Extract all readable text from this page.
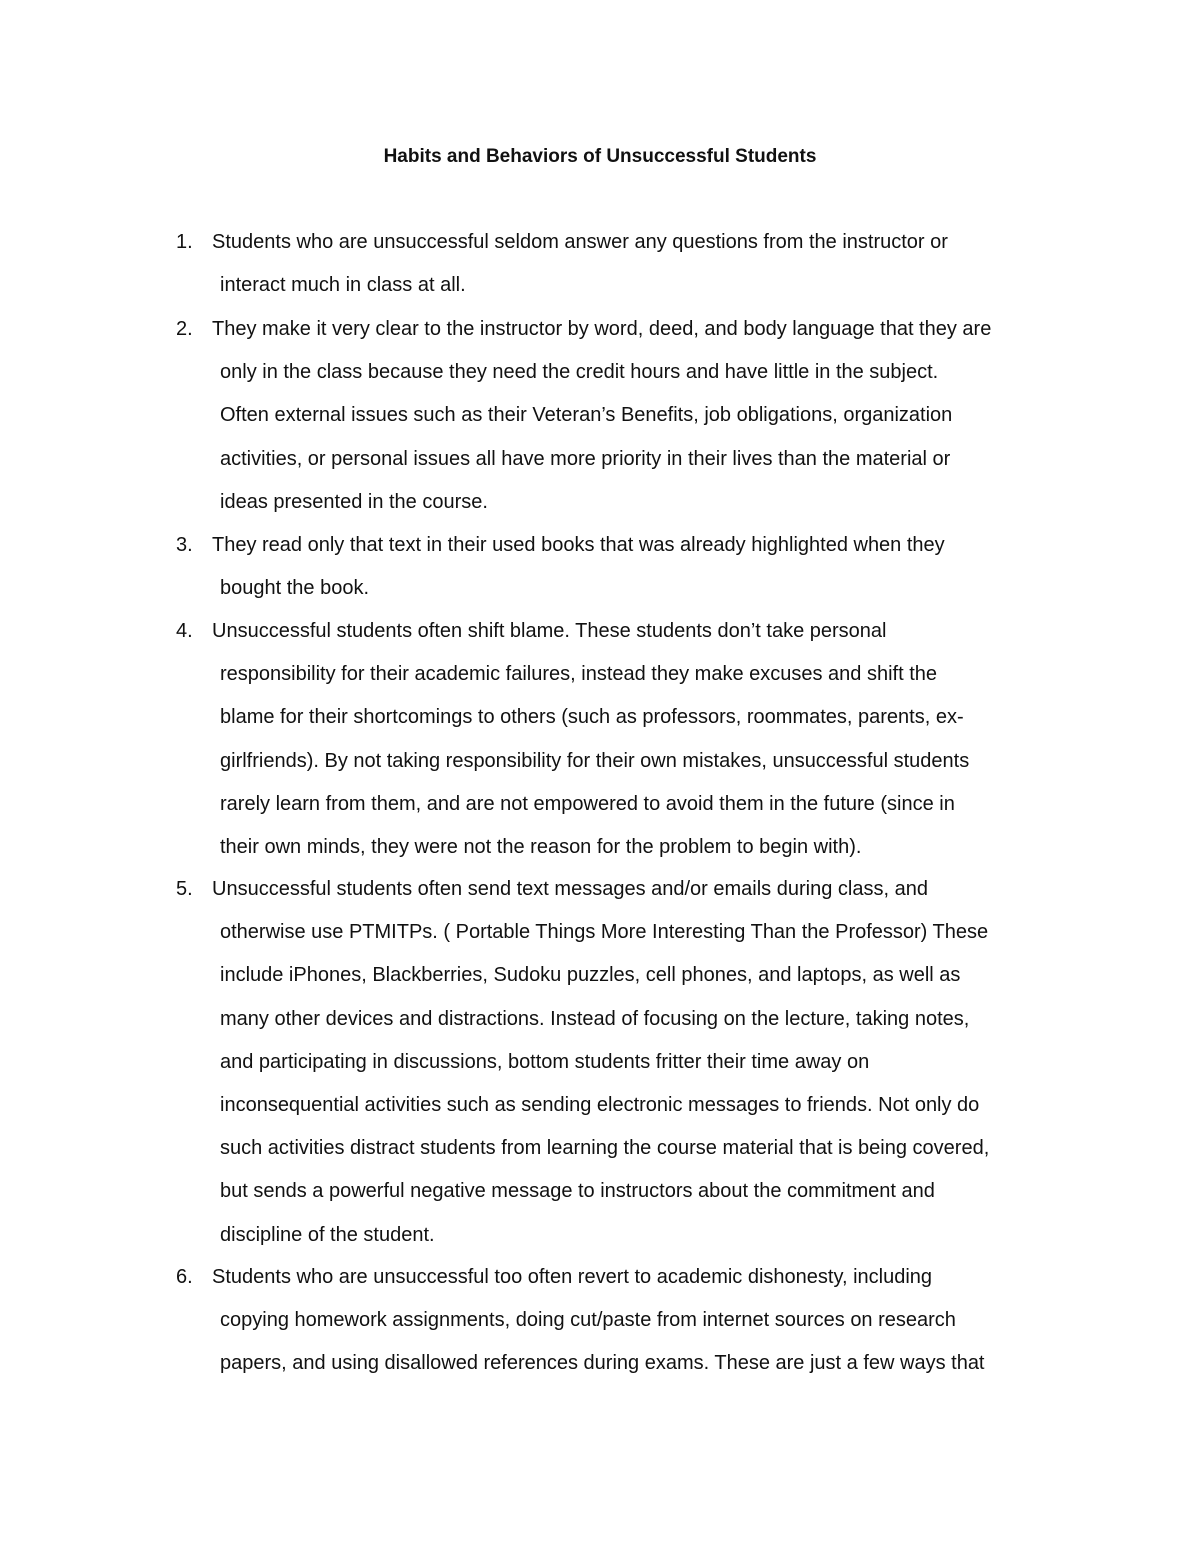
Habits and Behaviors of Unsuccessful Students
1. Students who are unsuccessful seldom answer any questions from the instructor or
interact much in class at all.
2. They make it very clear to the instructor by word, deed, and body language that they are
only in the class because they need the credit hours and have little in the subject.
Often external issues such as their Veteran’s Benefits, job obligations, organization
activities, or personal issues all have more priority in their lives than the material or
ideas presented in the course.
3. They read only that text in their used books that was already highlighted when they
bought the book.
4. Unsuccessful students often shift blame. These students don’t take personal
responsibility for their academic failures, instead they make excuses and shift the
blame for their shortcomings to others (such as professors, roommates, parents, ex-
girlfriends). By not taking responsibility for their own mistakes, unsuccessful students
rarely learn from them, and are not empowered to avoid them in the future (since in
their own minds, they were not the reason for the problem to begin with).
5. Unsuccessful students often send text messages and/or emails during class, and
otherwise use PTMITPs. ( Portable Things More Interesting Than the Professor) These
include iPhones, Blackberries, Sudoku puzzles, cell phones, and laptops, as well as
many other devices and distractions. Instead of focusing on the lecture, taking notes,
and participating in discussions, bottom students fritter their time away on
inconsequential activities such as sending electronic messages to friends. Not only do
such activities distract students from learning the course material that is being covered,
but sends a powerful negative message to instructors about the commitment and
discipline of the student.
6. Students who are unsuccessful too often revert to academic dishonesty, including
copying homework assignments, doing cut/paste from internet sources on research
papers, and using disallowed references during exams. These are just a few ways that
